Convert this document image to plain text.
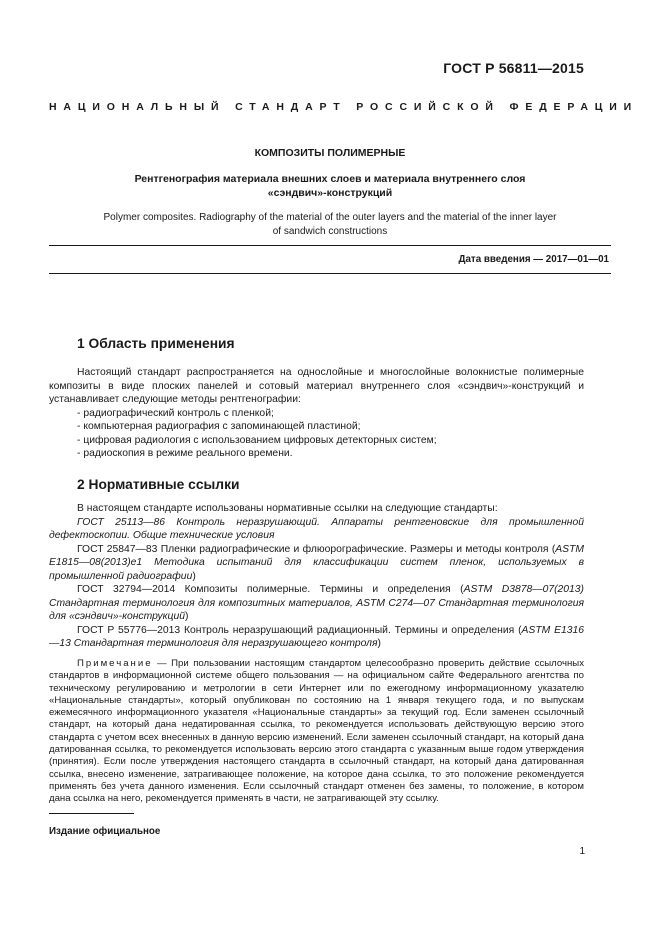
ГОСТ Р 56811—2015
НАЦИОНАЛЬНЫЙ СТАНДАРТ РОССИЙСКОЙ ФЕДЕРАЦИИ
КОМПОЗИТЫ ПОЛИМЕРНЫЕ
Рентгенография материала внешних слоев и материала внутреннего слоя
«сэндвич»-конструкций
Polymer composites. Radiography of the material of the outer layers and the material of the inner layer
of sandwich constructions
Дата введения — 2017—01—01
1 Область применения

Настоящий стандарт распространяется на однослойные и многослойные волокнистые полимерные композиты в виде плоских панелей и сотовый материал внутреннего слоя «сэндвич»-конструкций и устанавливает следующие методы рентгенографии:

- радиографический контроль с пленкой;
- компьютерная радиография с запоминающей пластиной;
- цифровая радиология с использованием цифровых детекторных систем;
- радиоскопия в режиме реального времени.
2 Нормативные ссылки

В настоящем стандарте использованы нормативные ссылки на следующие стандарты:

ГОСТ 25113—86 Контроль неразрушающий. Аппараты рентгеновские для промышленной дефектоскопии. Общие технические условия

ГОСТ 25847—83 Пленки радиографические и флюорографические. Размеры и методы контроля (ASTM E1815—08(2013)e1 Методика испытаний для классификации систем пленок, используемых в промышленной радиографии)

ГОСТ 32794—2014 Композиты полимерные. Термины и определения (ASTM D3878—07(2013) Стандартная терминология для композитных материалов, ASTM C274—07 Стандартная терминология для «сэндвич»-конструкций)

ГОСТ Р 55776—2013 Контроль неразрушающий радиационный. Термины и определения (ASTM E1316—13 Стандартная терминология для неразрушающего контроля)

Примечание — При пользовании настоящим стандартом целесообразно проверить действие ссылочных стандартов в информационной системе общего пользования — на официальном сайте Федерального агентства по техническому регулированию и метрологии в сети Интернет или по ежегодному информационному указателю «Национальные стандарты», который опубликован по состоянию на 1 января текущего года, и по выпускам ежемесячного информационного указателя «Национальные стандарты» за текущий год. Если заменен ссылочный стандарт, на который дана недатированная ссылка, то рекомендуется использовать действующую версию этого стандарта с учетом всех внесенных в данную версию изменений. Если заменен ссылочный стандарт, на который дана датированная ссылка, то рекомендуется использовать версию этого стандарта с указанным выше годом утверждения (принятия). Если после утверждения настоящего стандарта в ссылочный стандарт, на который дана датированная ссылка, внесено изменение, затрагивающее положение, на которое дана ссылка, то это положение рекомендуется применять без учета данного изменения. Если ссылочный стандарт отменен без замены, то положение, в котором дана ссылка на него, рекомендуется применять в части, не затрагивающей эту ссылку.
Издание официальное
1
